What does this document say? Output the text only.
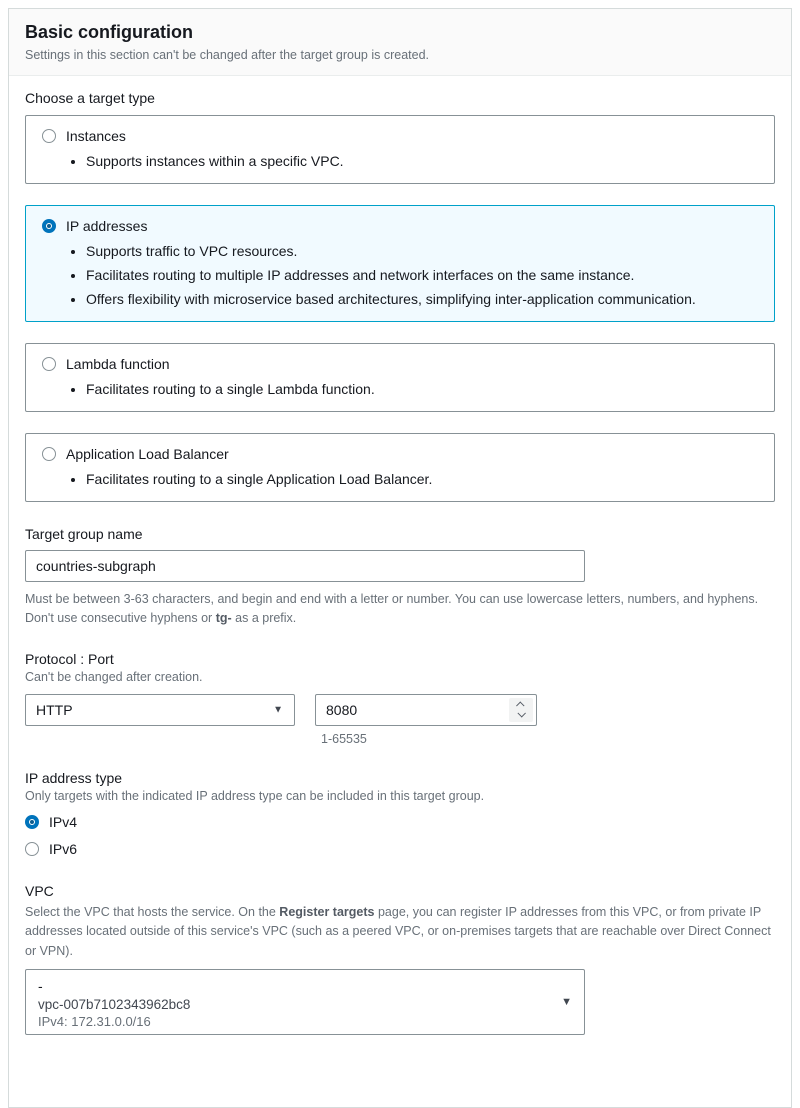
Basic configuration
Settings in this section can't be changed after the target group is created.
Choose a target type
Instances
• Supports instances within a specific VPC.
IP addresses
• Supports traffic to VPC resources.
• Facilitates routing to multiple IP addresses and network interfaces on the same instance.
• Offers flexibility with microservice based architectures, simplifying inter-application communication.
Lambda function
• Facilitates routing to a single Lambda function.
Application Load Balancer
• Facilitates routing to a single Application Load Balancer.
Target group name
countries-subgraph
Must be between 3-63 characters, and begin and end with a letter or number. You can use lowercase letters, numbers, and hyphens. Don't use consecutive hyphens or tg- as a prefix.
Protocol : Port
Can't be changed after creation.
HTTP	▼	8080
1-65535
IP address type
Only targets with the indicated IP address type can be included in this target group.
IPv4
IPv6
VPC
Select the VPC that hosts the service. On the Register targets page, you can register IP addresses from this VPC, or from private IP addresses located outside of this service's VPC (such as a peered VPC, or on-premises targets that are reachable over Direct Connect or VPN).
-
vpc-007b7102343962bc8
IPv4: 172.31.0.0/16
▼
